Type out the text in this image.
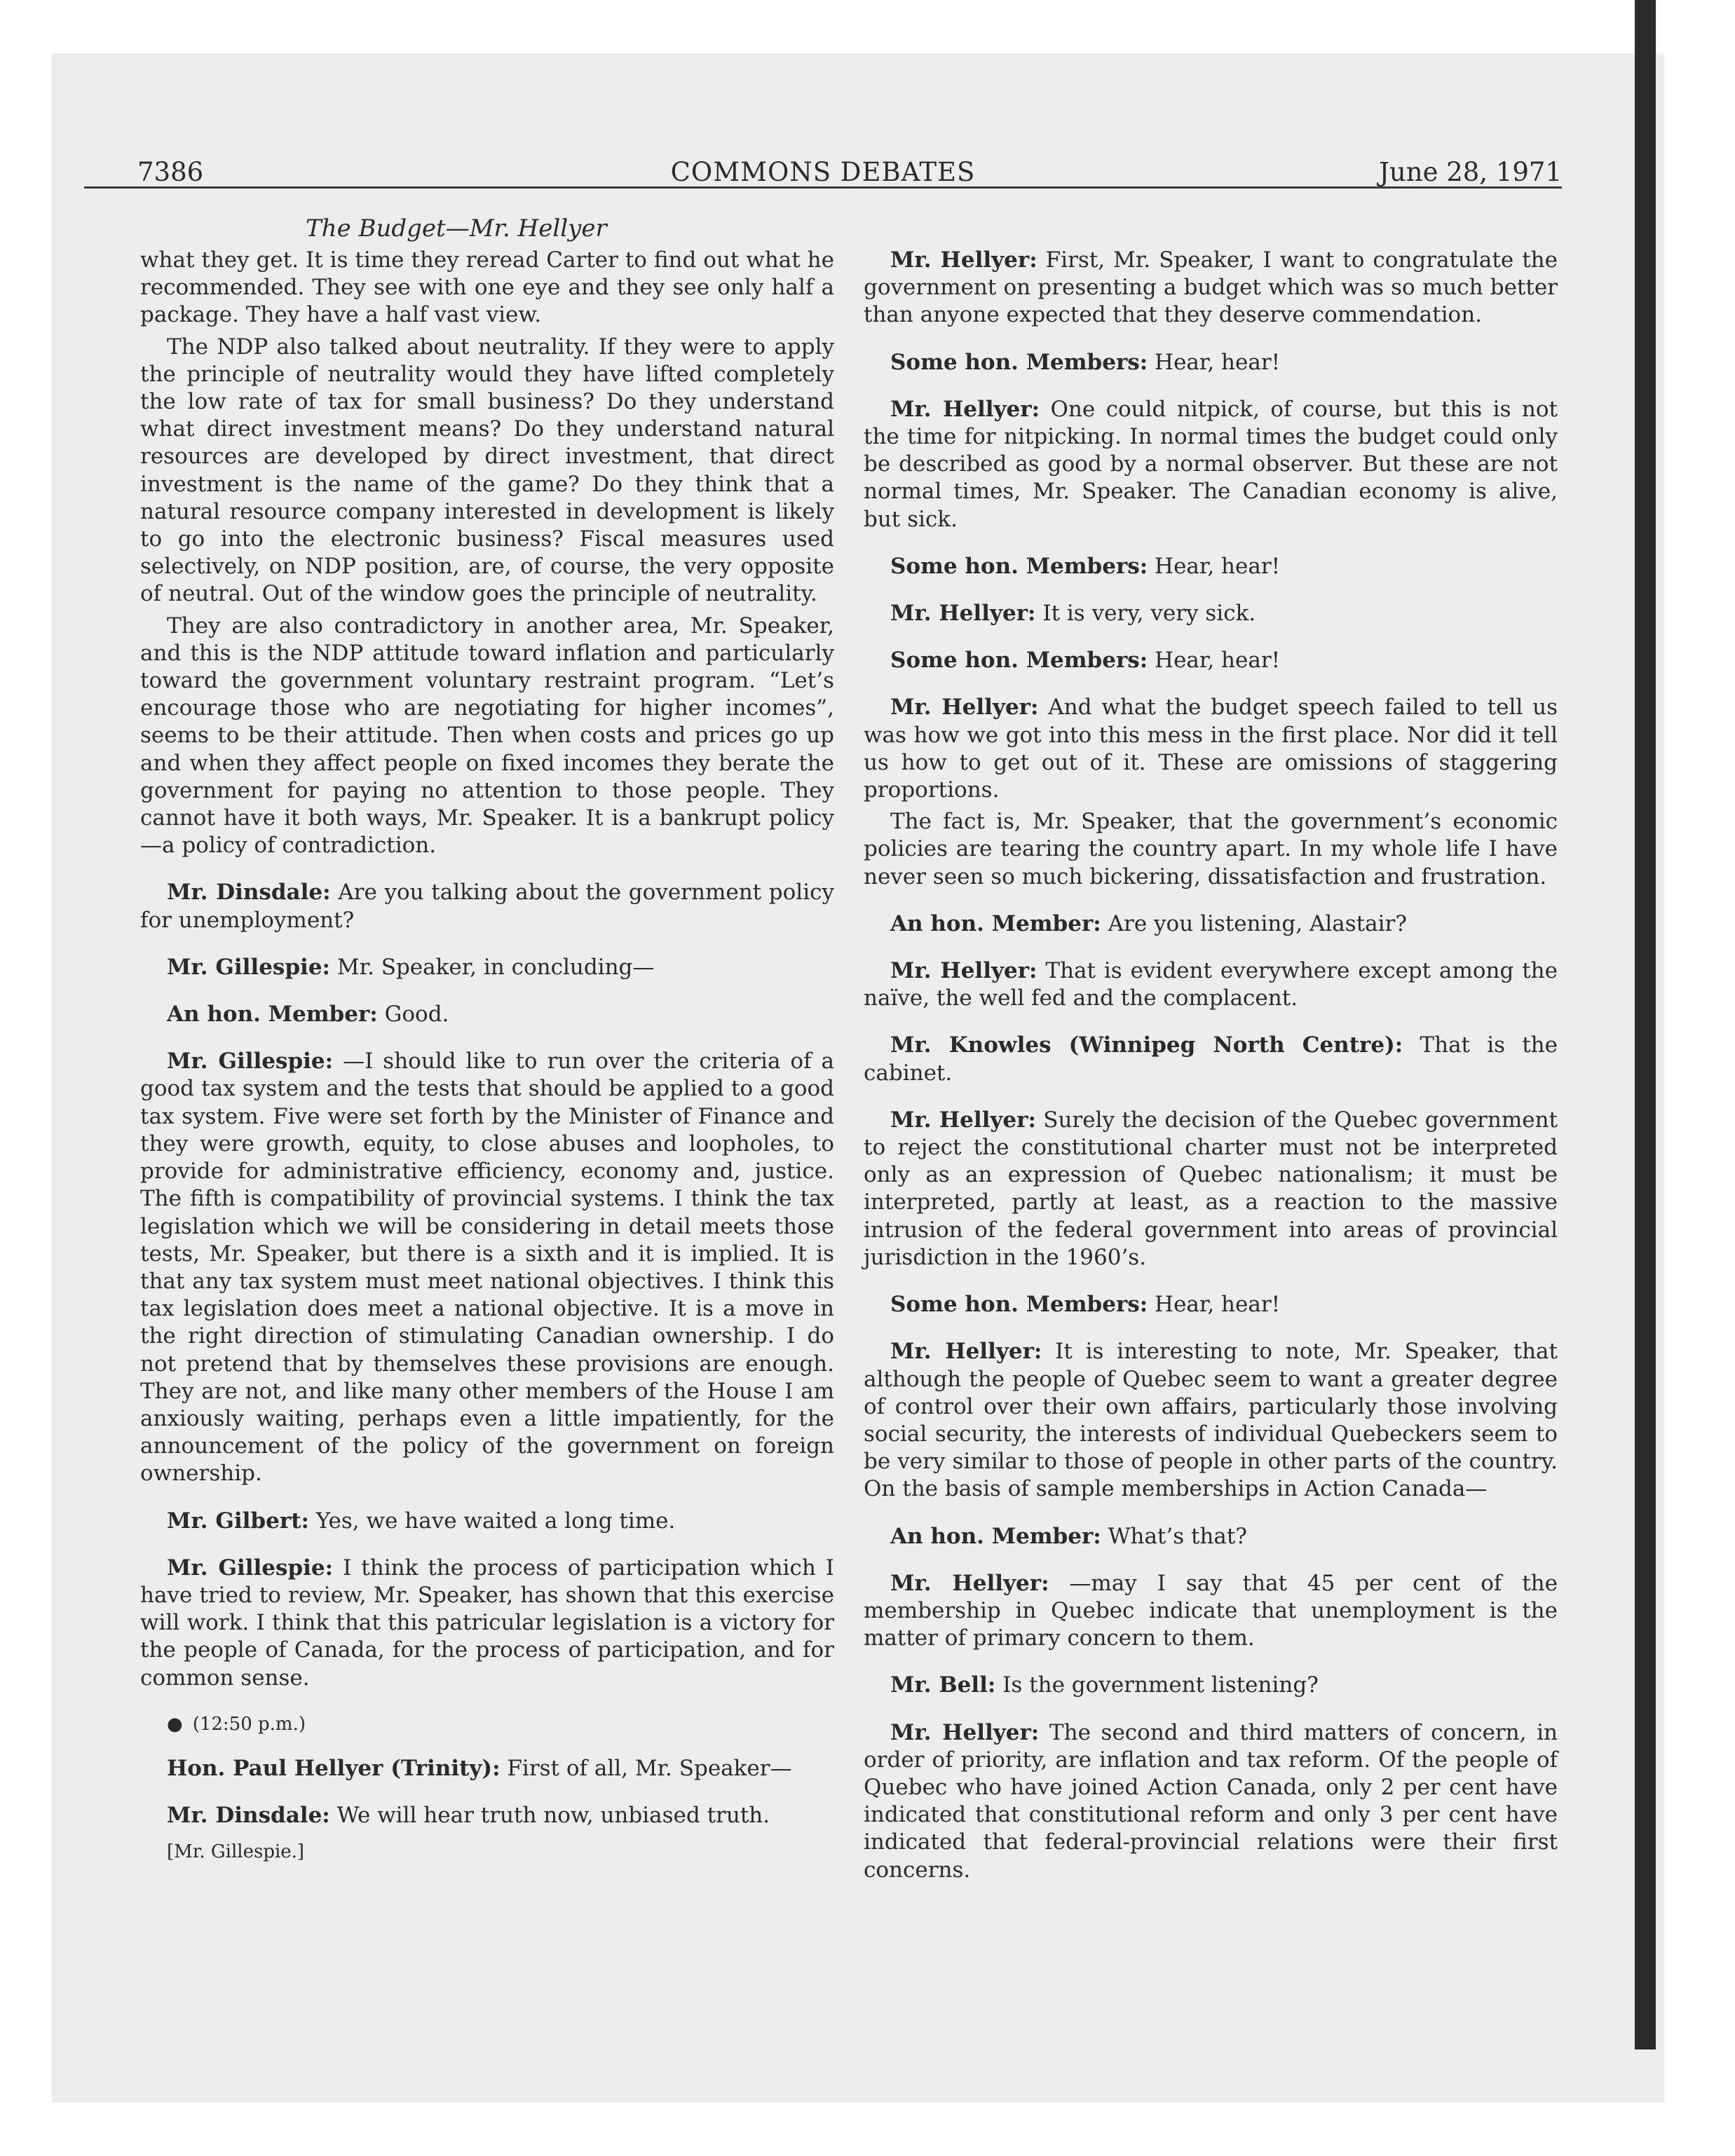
7386	COMMONS DEBATES	June 28, 1971
The Budget—Mr. Hellyer

what they get. It is time they reread Carter to find out what he recommended. They see with one eye and they see only half a package. They have a half vast view.

The NDP also talked about neutrality. If they were to apply the principle of neutrality would they have lifted completely the low rate of tax for small business? Do they understand what direct investment means? Do they understand natural resources are developed by direct investment, that direct investment is the name of the game? Do they think that a natural resource company interested in development is likely to go into the electronic business? Fiscal measures used selectively, on NDP position, are, of course, the very opposite of neutral. Out of the window goes the principle of neutrality.

They are also contradictory in another area, Mr. Speaker, and this is the NDP attitude toward inflation and particularly toward the government voluntary restraint program. “Let’s encourage those who are negotiating for higher incomes”, seems to be their attitude. Then when costs and prices go up and when they affect people on fixed incomes they berate the government for paying no attention to those people. They cannot have it both ways, Mr. Speaker. It is a bankrupt policy—a policy of contradiction.

Mr. Dinsdale: Are you talking about the government policy for unemployment?

Mr. Gillespie: Mr. Speaker, in concluding—

An hon. Member: Good.

Mr. Gillespie: —I should like to run over the criteria of a good tax system and the tests that should be applied to a good tax system. Five were set forth by the Minister of Finance and they were growth, equity, to close abuses and loopholes, to provide for administrative efficiency, economy and, justice. The fifth is compatibility of provincial systems. I think the tax legislation which we will be considering in detail meets those tests, Mr. Speaker, but there is a sixth and it is implied. It is that any tax system must meet national objectives. I think this tax legislation does meet a national objective. It is a move in the right direction of stimulating Canadian ownership. I do not pretend that by themselves these provisions are enough. They are not, and like many other members of the House I am anxiously waiting, perhaps even a little impatiently, for the announcement of the policy of the government on foreign ownership.

Mr. Gilbert: Yes, we have waited a long time.

Mr. Gillespie: I think the process of participation which I have tried to review, Mr. Speaker, has shown that this exercise will work. I think that this patricular legislation is a victory for the people of Canada, for the process of participation, and for common sense.

● (12:50 p.m.)

Hon. Paul Hellyer (Trinity): First of all, Mr. Speaker—

Mr. Dinsdale: We will hear truth now, unbiased truth.

[Mr. Gillespie.]

Mr. Hellyer: First, Mr. Speaker, I want to congratulate the government on presenting a budget which was so much better than anyone expected that they deserve commendation.

Some hon. Members: Hear, hear!

Mr. Hellyer: One could nitpick, of course, but this is not the time for nitpicking. In normal times the budget could only be described as good by a normal observer. But these are not normal times, Mr. Speaker. The Canadian economy is alive, but sick.

Some hon. Members: Hear, hear!

Mr. Hellyer: It is very, very sick.

Some hon. Members: Hear, hear!

Mr. Hellyer: And what the budget speech failed to tell us was how we got into this mess in the first place. Nor did it tell us how to get out of it. These are omissions of staggering proportions.

The fact is, Mr. Speaker, that the government’s economic policies are tearing the country apart. In my whole life I have never seen so much bickering, dissatisfaction and frustration.

An hon. Member: Are you listening, Alastair?

Mr. Hellyer: That is evident everywhere except among the naïve, the well fed and the complacent.

Mr. Knowles (Winnipeg North Centre): That is the cabinet.

Mr. Hellyer: Surely the decision of the Quebec government to reject the constitutional charter must not be interpreted only as an expression of Quebec nationalism; it must be interpreted, partly at least, as a reaction to the massive intrusion of the federal government into areas of provincial jurisdiction in the 1960’s.

Some hon. Members: Hear, hear!

Mr. Hellyer: It is interesting to note, Mr. Speaker, that although the people of Quebec seem to want a greater degree of control over their own affairs, particularly those involving social security, the interests of individual Quebeckers seem to be very similar to those of people in other parts of the country. On the basis of sample memberships in Action Canada—

An hon. Member: What’s that?

Mr. Hellyer: —may I say that 45 per cent of the membership in Quebec indicate that unemployment is the matter of primary concern to them.

Mr. Bell: Is the government listening?

Mr. Hellyer: The second and third matters of concern, in order of priority, are inflation and tax reform. Of the people of Quebec who have joined Action Canada, only 2 per cent have indicated that constitutional reform and only 3 per cent have indicated that federal-provincial relations were their first concerns.
